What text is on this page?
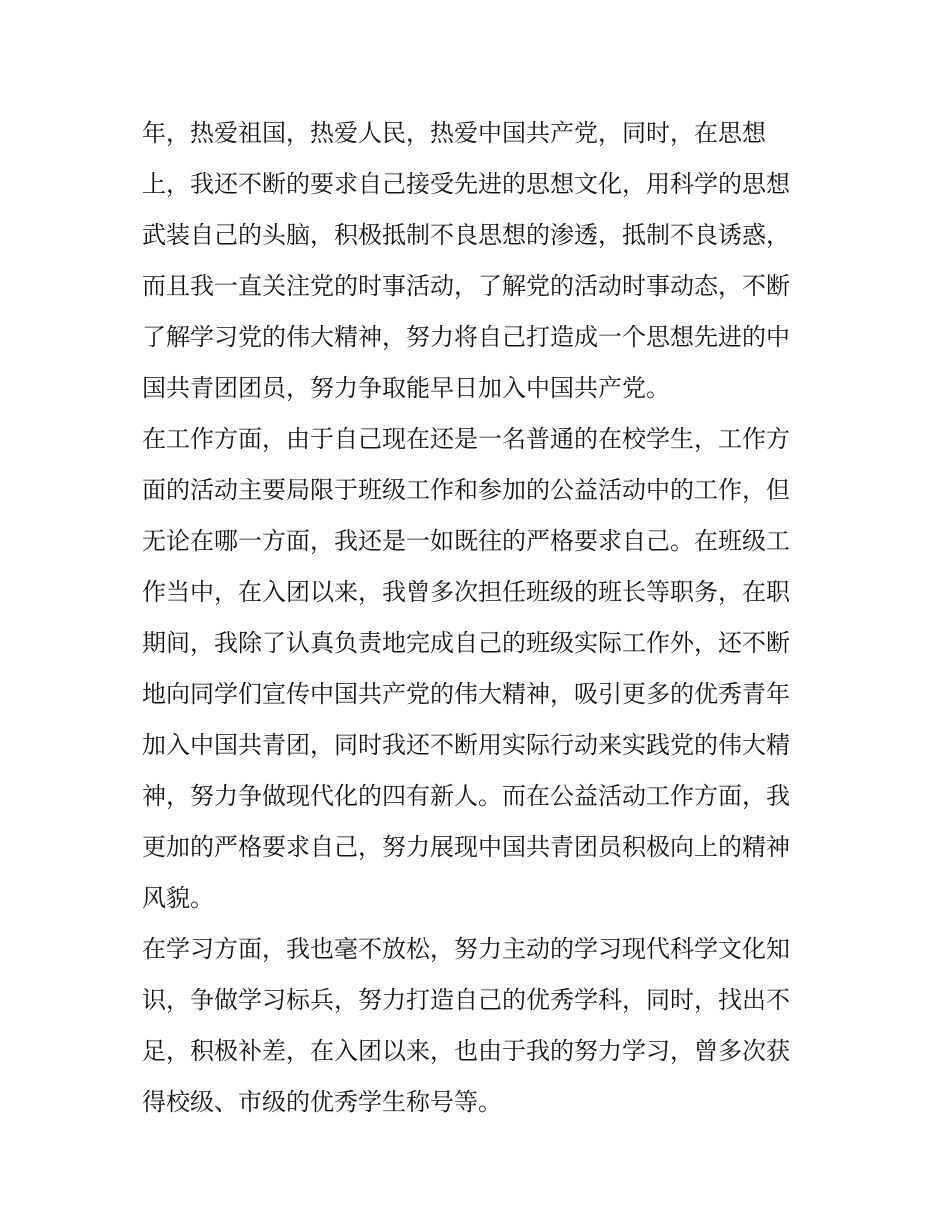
年，热爱祖国，热爱人民，热爱中国共产党，同时，在思想
上，我还不断的要求自己接受先进的思想文化，用科学的思想
武装自己的头脑，积极抵制不良思想的渗透，抵制不良诱惑，
而且我一直关注党的时事活动，了解党的活动时事动态，不断
了解学习党的伟大精神，努力将自己打造成一个思想先进的中
国共青团团员，努力争取能早日加入中国共产党。
在工作方面，由于自己现在还是一名普通的在校学生，工作方
面的活动主要局限于班级工作和参加的公益活动中的工作，但
无论在哪一方面，我还是一如既往的严格要求自己。在班级工
作当中，在入团以来，我曾多次担任班级的班长等职务，在职
期间，我除了认真负责地完成自己的班级实际工作外，还不断
地向同学们宣传中国共产党的伟大精神，吸引更多的优秀青年
加入中国共青团，同时我还不断用实际行动来实践党的伟大精
神，努力争做现代化的四有新人。而在公益活动工作方面，我
更加的严格要求自己，努力展现中国共青团员积极向上的精神
风貌。
在学习方面，我也毫不放松，努力主动的学习现代科学文化知
识，争做学习标兵，努力打造自己的优秀学科，同时，找出不
足，积极补差，在入团以来，也由于我的努力学习，曾多次获
得校级、市级的优秀学生称号等。
